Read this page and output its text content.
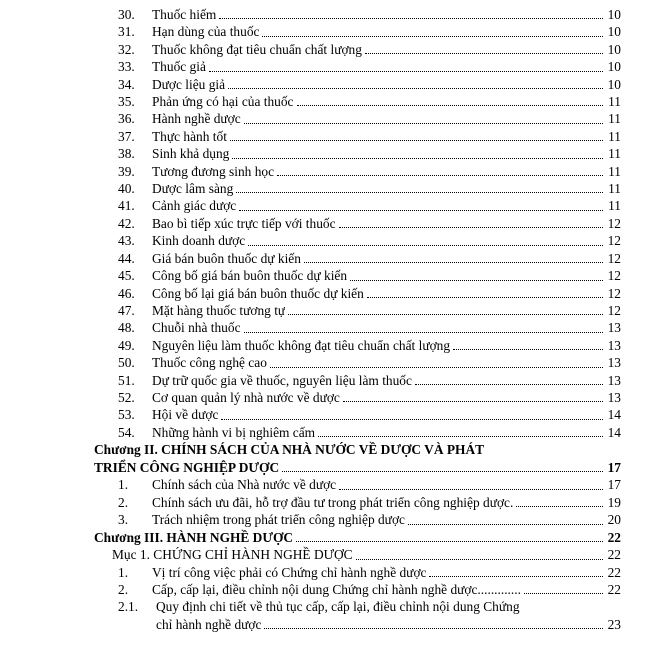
30.	Thuốc hiếm	10
31.	Hạn dùng của thuốc	10
32.	Thuốc không đạt tiêu chuẩn chất lượng	10
33.	Thuốc giả	10
34.	Dược liệu giả	10
35.	Phản ứng có hại của thuốc	11
36.	Hành nghề dược	11
37.	Thực hành tốt	11
38.	Sinh khả dụng	11
39.	Tương đương sinh học	11
40.	Dược lâm sàng	11
41.	Cảnh giác dược	11
42.	Bao bì tiếp xúc trực tiếp với thuốc	12
43.	Kinh doanh dược	12
44.	Giá bán buôn thuốc dự kiến	12
45.	Công bố giá bán buôn thuốc dự kiến	12
46.	Công bố lại giá bán buôn thuốc dự kiến	12
47.	Mặt hàng thuốc tương tự	12
48.	Chuỗi nhà thuốc	13
49.	Nguyên liệu làm thuốc không đạt tiêu chuẩn chất lượng	13
50.	Thuốc công nghệ cao	13
51.	Dự trữ quốc gia về thuốc, nguyên liệu làm thuốc	13
52.	Cơ quan quản lý nhà nước về dược	13
53.	Hội về dược	14
54.	Những hành vi bị nghiêm cấm	14
Chương II. CHÍNH SÁCH CỦA NHÀ NƯỚC VỀ DƯỢC VÀ PHÁT
TRIỂN CÔNG NGHIỆP DƯỢC	17
1.	Chính sách của Nhà nước về dược	17
2.	Chính sách ưu đãi, hỗ trợ đầu tư trong phát triển công nghiệp dược.	19
3.	Trách nhiệm trong phát triển công nghiệp dược	20
Chương III. HÀNH NGHỀ DƯỢC	22
Mục 1. CHỨNG CHỈ HÀNH NGHỀ DƯỢC	22
1.	Vị trí công việc phải có Chứng chỉ hành nghề dược	22
2.	Cấp, cấp lại, điều chỉnh nội dung Chứng chỉ hành nghề dược.............	22
2.1.	Quy định chi tiết về thủ tục cấp, cấp lại, điều chỉnh nội dung Chứng
chỉ hành nghề dược	23
